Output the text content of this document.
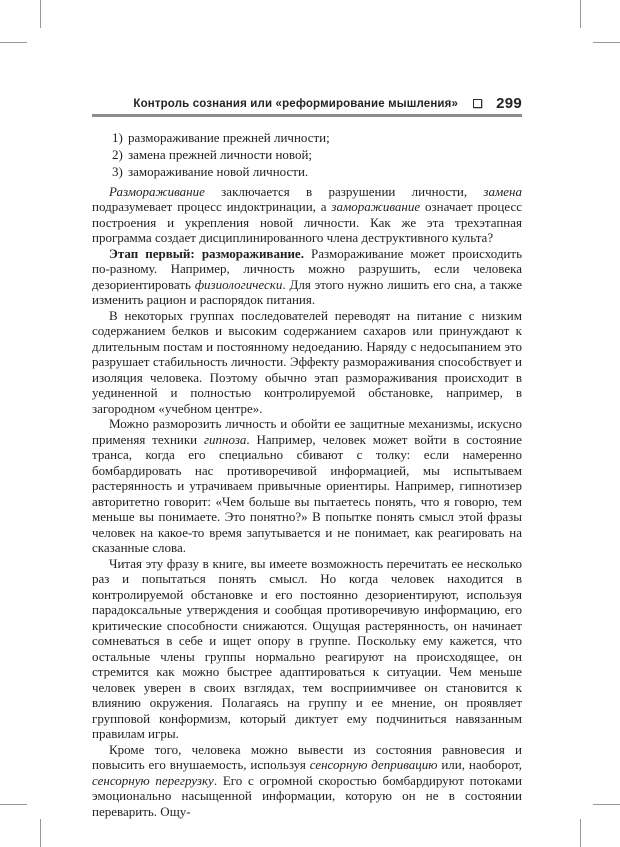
Контроль сознания или «реформирование мышления»	299
1) размораживание прежней личности;
2) замена прежней личности новой;
3) замораживание новой личности.

Размораживание заключается в разрушении личности, замена подразумевает процесс индоктринации, а замораживание означает процесс построения и укрепления новой личности. Как же эта трехэтапная программа создает дисциплинированного члена деструктивного культа?

Этап первый: размораживание. Размораживание может происходить по-разному. Например, личность можно разрушить, если человека дезориентировать физиологически. Для этого нужно лишить его сна, а также изменить рацион и распорядок питания.

В некоторых группах последователей переводят на питание с низким содержанием белков и высоким содержанием сахаров или принуждают к длительным постам и постоянному недоеданию. Наряду с недосыпанием это разрушает стабильность личности. Эффекту размораживания способствует и изоляция человека. Поэтому обычно этап размораживания происходит в уединенной и полностью контролируемой обстановке, например, в загородном «учебном центре».

Можно разморозить личность и обойти ее защитные механизмы, искусно применяя техники гипноза. Например, человек может войти в состояние транса, когда его специально сбивают с толку: если намеренно бомбардировать нас противоречивой информацией, мы испытываем растерянность и утрачиваем привычные ориентиры. Например, гипнотизер авторитетно говорит: «Чем больше вы пытаетесь понять, что я говорю, тем меньше вы понимаете. Это понятно?» В попытке понять смысл этой фразы человек на какое-то время запутывается и не понимает, как реагировать на сказанные слова.

Читая эту фразу в книге, вы имеете возможность перечитать ее несколько раз и попытаться понять смысл. Но когда человек находится в контролируемой обстановке и его постоянно дезориентируют, используя парадоксальные утверждения и сообщая противоречивую информацию, его критические способности снижаются. Ощущая растерянность, он начинает сомневаться в себе и ищет опору в группе. Поскольку ему кажется, что остальные члены группы нормально реагируют на происходящее, он стремится как можно быстрее адаптироваться к ситуации. Чем меньше человек уверен в своих взглядах, тем восприимчивее он становится к влиянию окружения. Полагаясь на группу и ее мнение, он проявляет групповой конформизм, который диктует ему подчиниться навязанным правилам игры.

Кроме того, человека можно вывести из состояния равновесия и повысить его внушаемость, используя сенсорную депривацию или, наоборот, сенсорную перегрузку. Его с огромной скоростью бомбардируют потоками эмоционально насыщенной информации, которую он не в состоянии переварить. Ощу-
